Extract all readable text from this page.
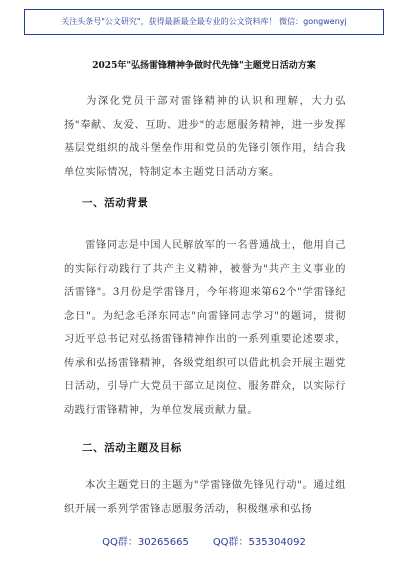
关注头条号"公文研究"，获得最新最全最专业的公文资料库！ 微信：gongwenyj
2025年"弘扬雷锋精神争做时代先锋"主题党日活动方案

为深化党员干部对雷锋精神的认识和理解，大力弘扬"奉献、友爱、互助、进步"的志愿服务精神，进一步发挥基层党组织的战斗堡垒作用和党员的先锋引领作用，结合我单位实际情况，特制定本主题党日活动方案。

一、活动背景

雷锋同志是中国人民解放军的一名普通战士，他用自己的实际行动践行了共产主义精神，被誉为"共产主义事业的活雷锋"。3月份是学雷锋月，今年将迎来第62个"学雷锋纪念日"。为纪念毛泽东同志"向雷锋同志学习"的题词，贯彻习近平总书记对弘扬雷锋精神作出的一系列重要论述要求，传承和弘扬雷锋精神，各级党组织可以借此机会开展主题党日活动，引导广大党员干部立足岗位、服务群众，以实际行动践行雷锋精神，为单位发展贡献力量。

二、活动主题及目标

本次主题党日的主题为"学雷锋做先锋见行动"。通过组织开展一系列学雷锋志愿服务活动，积极继承和弘扬

QQ群：30265665 QQ群：535304092
